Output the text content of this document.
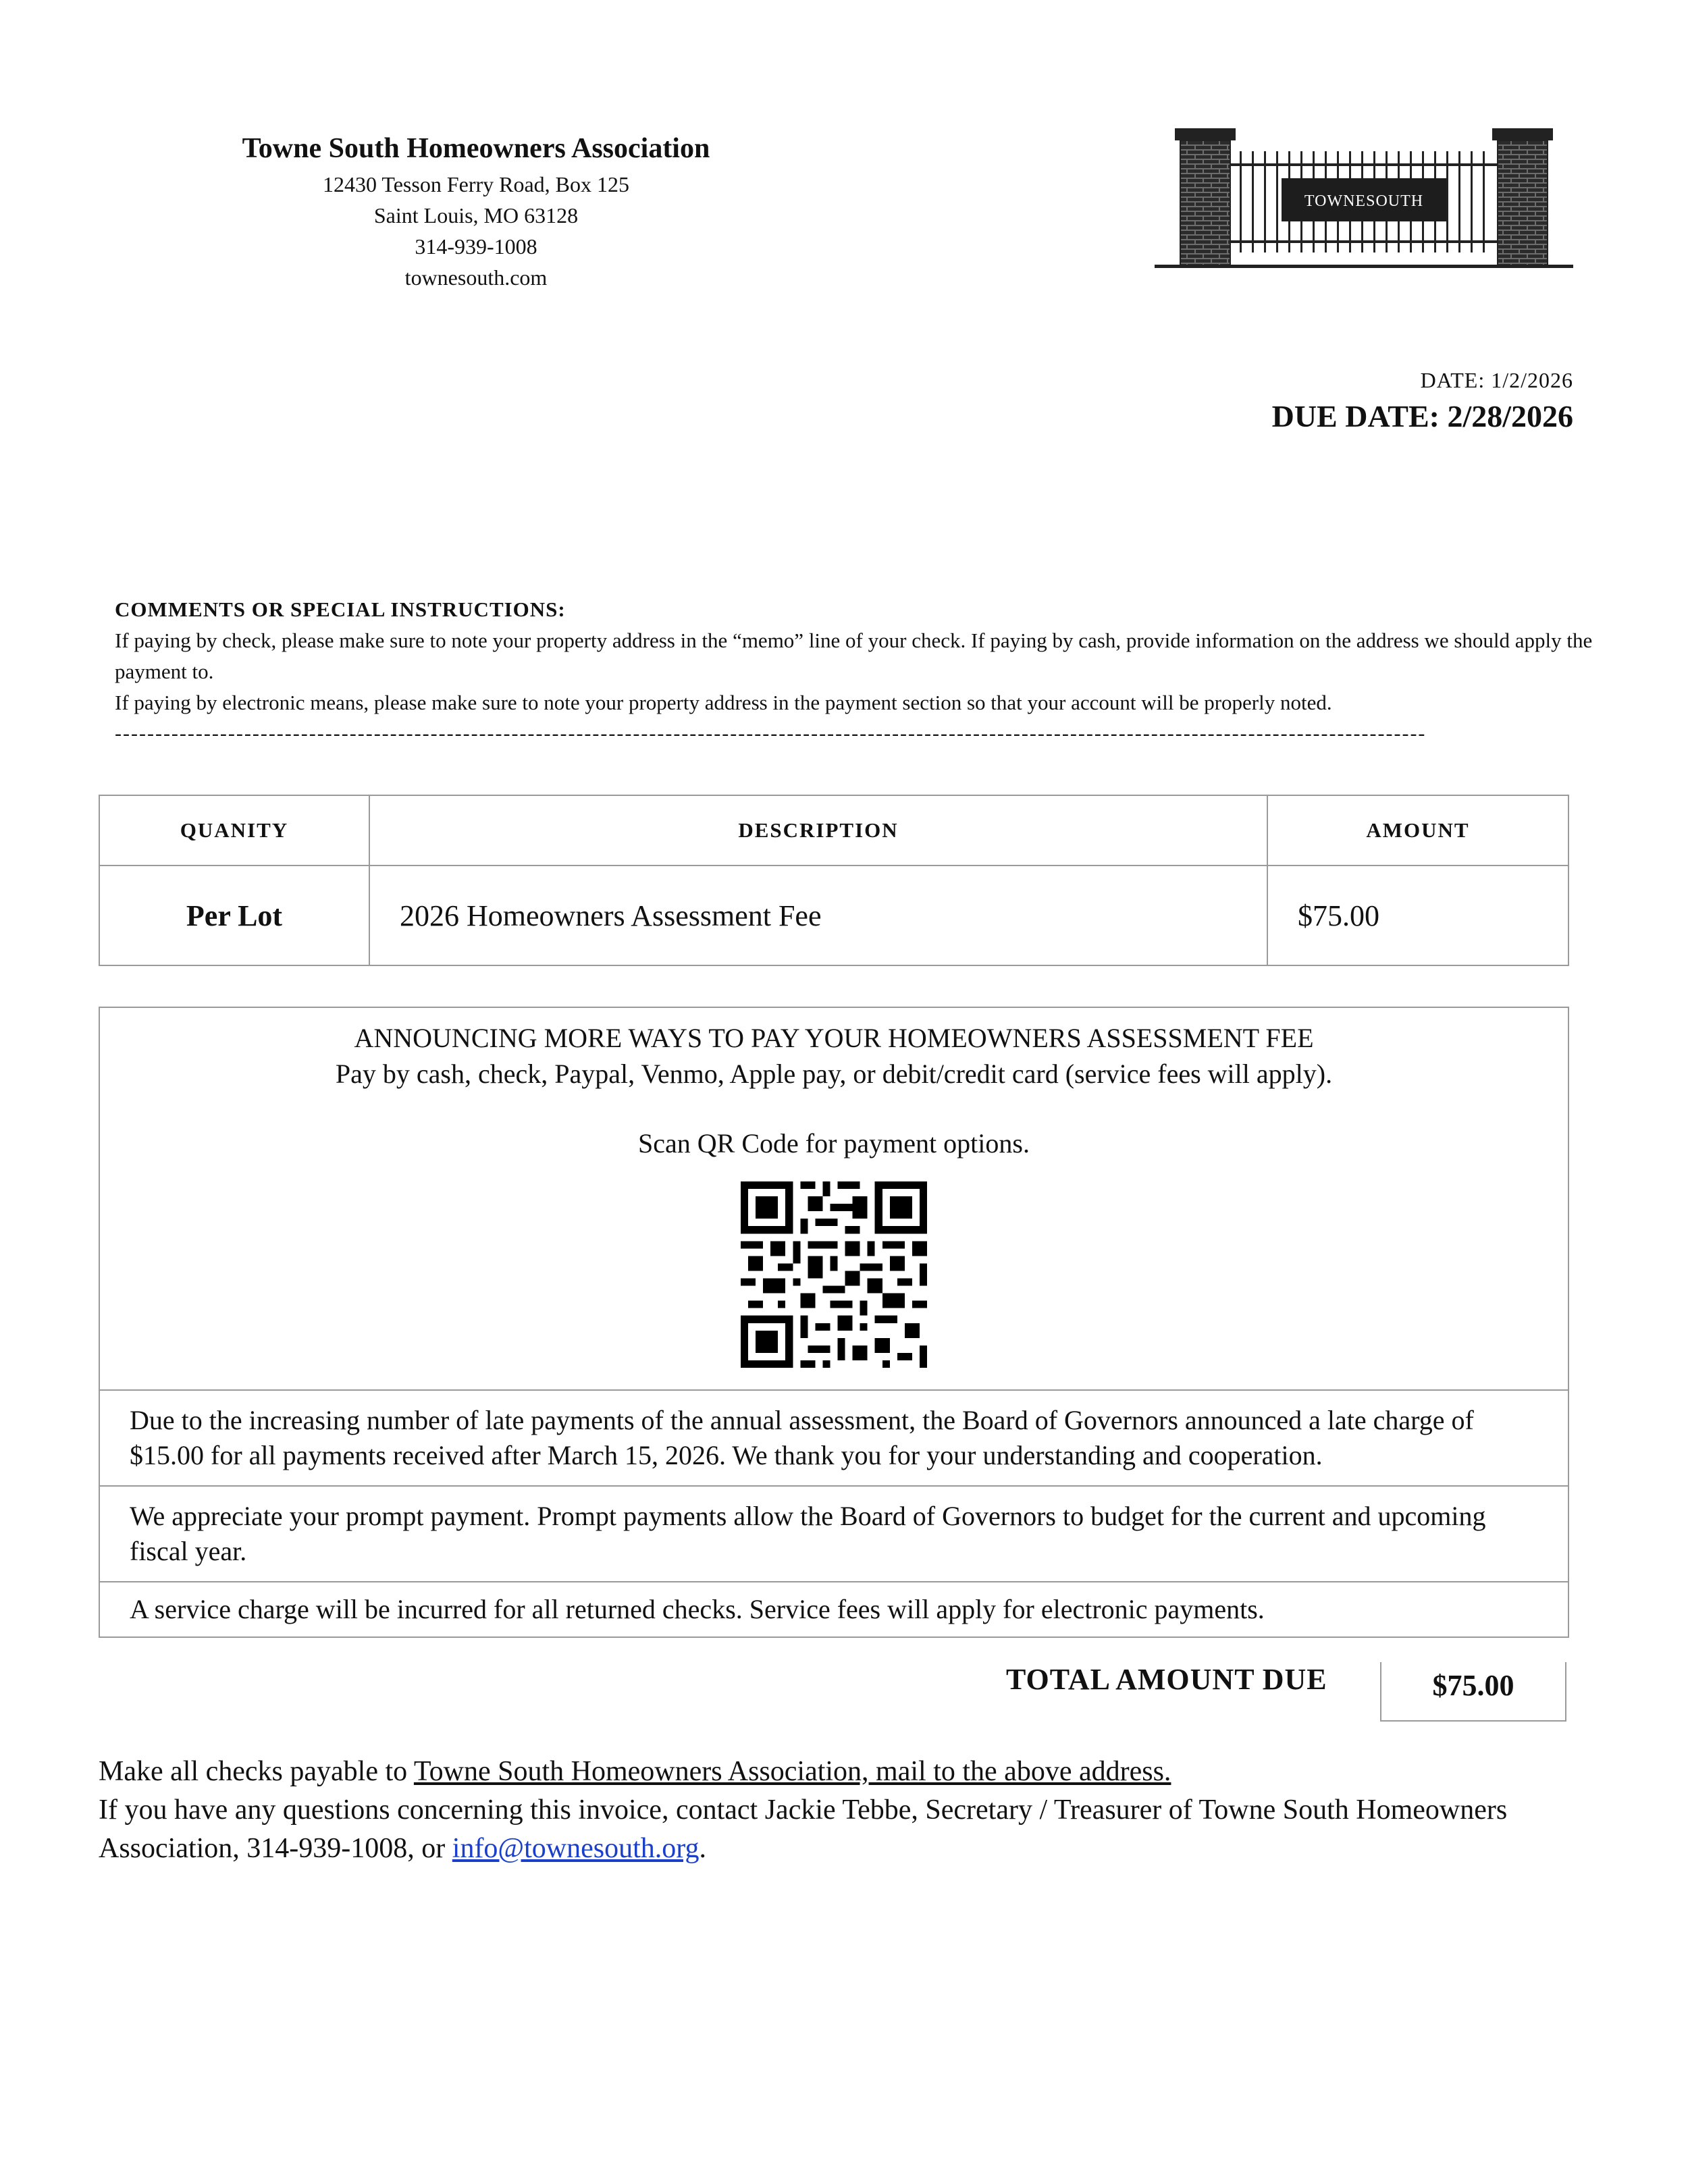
Towne South Homeowners Association
12430 Tesson Ferry Road, Box 125
Saint Louis, MO 63128
314-939-1008
townesouth.com
TOWNESOUTH
DATE: 1/2/2026
DUE DATE: 2/28/2026
COMMENTS OR SPECIAL INSTRUCTIONS:
If paying by check, please make sure to note your property address in the “memo” line of your check. If paying by cash, provide information on the address we should apply the payment to.
If paying by electronic means, please make sure to note your property address in the payment section so that your account will be properly noted.
------------------------------------------------------------------------------------------------------------------------------------------------------------------
QUANITY	DESCRIPTION	AMOUNT
Per Lot	2026 Homeowners Assessment Fee	$75.00
ANNOUNCING MORE WAYS TO PAY YOUR HOMEOWNERS ASSESSMENT FEE
Pay by cash, check, Paypal, Venmo, Apple pay, or debit/credit card (service fees will apply).
Scan QR Code for payment options.
Due to the increasing number of late payments of the annual assessment, the Board of Governors announced a late charge of $15.00 for all payments received after March 15, 2026. We thank you for your understanding and cooperation.
We appreciate your prompt payment. Prompt payments allow the Board of Governors to budget for the current and upcoming fiscal year.
A service charge will be incurred for all returned checks. Service fees will apply for electronic payments.
TOTAL AMOUNT DUE	$75.00
Make all checks payable to Towne South Homeowners Association, mail to the above address.
If you have any questions concerning this invoice, contact Jackie Tebbe, Secretary / Treasurer of Towne South Homeowners Association, 314-939-1008, or info@townesouth.org.
